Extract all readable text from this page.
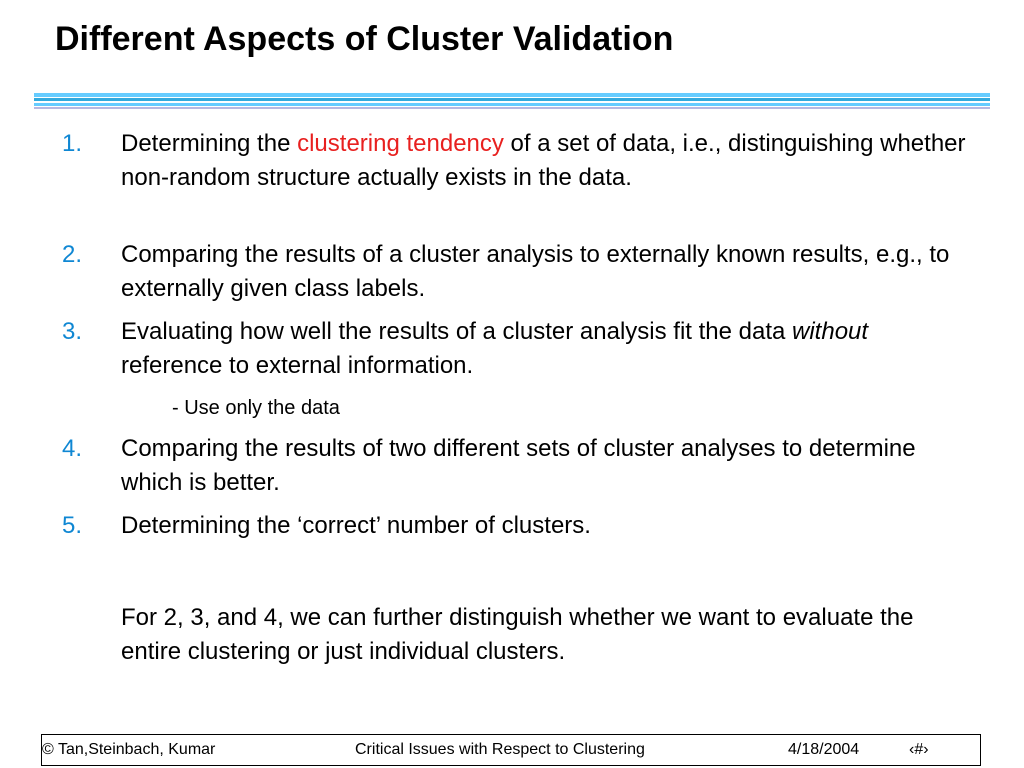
Different Aspects of Cluster Validation
1. Determining the clustering tendency of a set of data, i.e., distinguishing whether non-random structure actually exists in the data.
2. Comparing the results of a cluster analysis to externally known results, e.g., to externally given class labels.
3. Evaluating how well the results of a cluster analysis fit the data without reference to external information.
- Use only the data
4. Comparing the results of two different sets of cluster analyses to determine which is better.
5. Determining the ‘correct’ number of clusters.
For 2, 3, and 4, we can further distinguish whether we want to evaluate the entire clustering or just individual clusters.
© Tan,Steinbach, Kumar	Critical Issues with Respect to Clustering	4/18/2004	‹#›
